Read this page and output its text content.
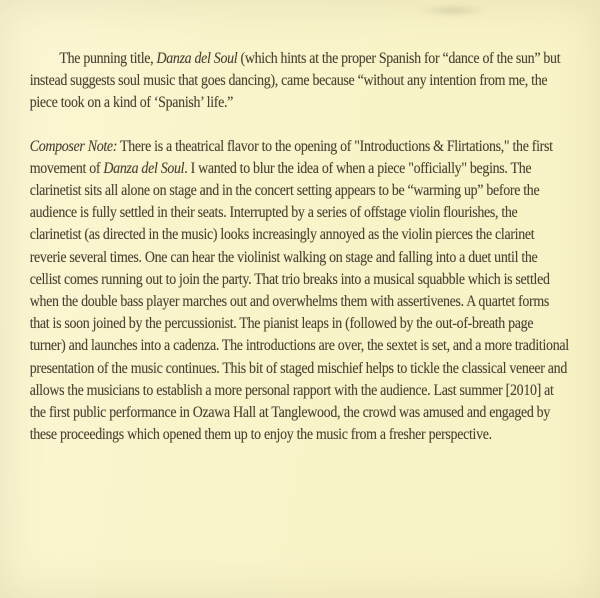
The punning title, Danza del Soul (which hints at the proper Spanish for “dance of the sun” but instead suggests soul music that goes dancing), came because “without any intention from me, the piece took on a kind of ‘Spanish’ life.”

Composer Note: There is a theatrical flavor to the opening of "Introductions & Flirtations," the first movement of Danza del Soul. I wanted to blur the idea of when a piece "officially" begins. The clarinetist sits all alone on stage and in the concert setting appears to be “warming up” before the audience is fully settled in their seats. Interrupted by a series of offstage violin flourishes, the clarinetist (as directed in the music) looks increasingly annoyed as the violin pierces the clarinet reverie several times. One can hear the violinist walking on stage and falling into a duet until the cellist comes running out to join the party. That trio breaks into a musical squabble which is settled when the double bass player marches out and overwhelms them with assertivenes. A quartet forms that is soon joined by the percussionist. The pianist leaps in (followed by the out-of-breath page turner) and launches into a cadenza. The introductions are over, the sextet is set, and a more traditional presentation of the music continues. This bit of staged mischief helps to tickle the classical veneer and allows the musicians to establish a more personal rapport with the audience. Last summer [2010] at the first public performance in Ozawa Hall at Tanglewood, the crowd was amused and engaged by these proceedings which opened them up to enjoy the music from a fresher perspective.
